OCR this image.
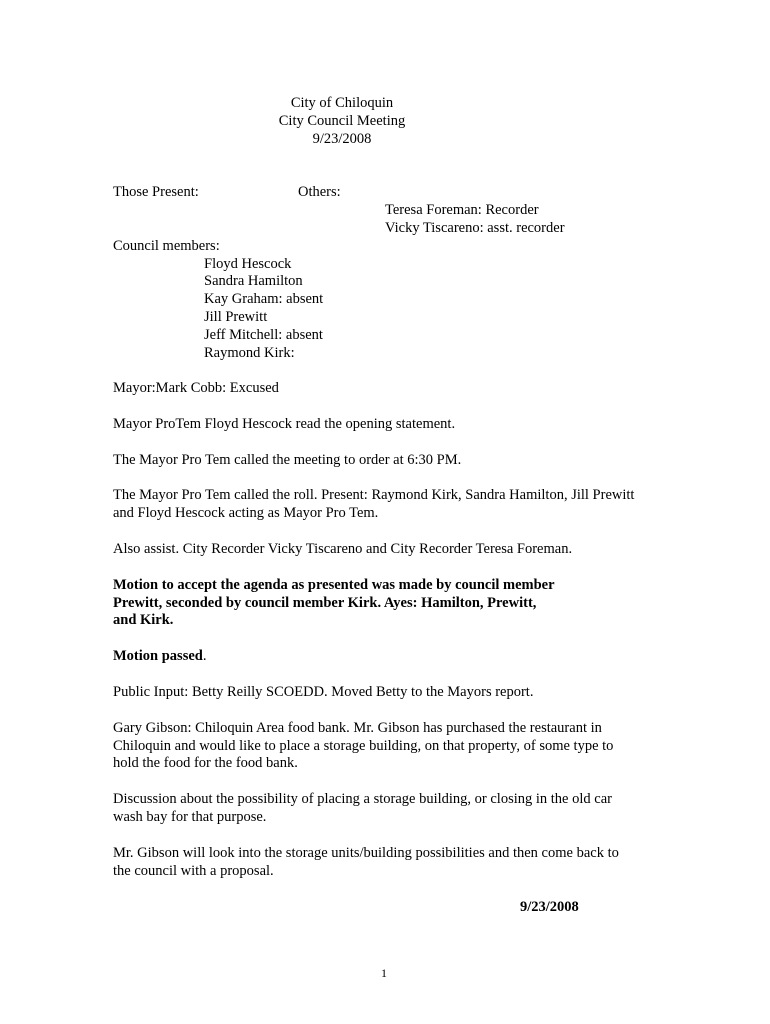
City of Chiloquin
City Council Meeting
9/23/2008
Those Present:	Others:
Teresa Foreman: Recorder
Vicky Tiscareno: asst. recorder
Council members:
Floyd Hescock
Sandra Hamilton
Kay Graham: absent
Jill Prewitt
Jeff Mitchell: absent
Raymond Kirk:
Mayor:Mark Cobb: Excused
Mayor ProTem Floyd Hescock read the opening statement.
The Mayor Pro Tem called the meeting to order at 6:30 PM.
The Mayor Pro Tem called the roll. Present: Raymond Kirk, Sandra Hamilton, Jill Prewitt
and Floyd Hescock acting as Mayor Pro Tem.
Also assist. City Recorder Vicky Tiscareno and City Recorder Teresa Foreman.
Motion to accept the agenda as presented was made by council member
Prewitt, seconded by council member Kirk. Ayes: Hamilton, Prewitt,
and Kirk.
Motion passed.
Public Input: Betty Reilly SCOEDD. Moved Betty to the Mayors report.
Gary Gibson: Chiloquin Area food bank. Mr. Gibson has purchased the restaurant in
Chiloquin and would like to place a storage building, on that property, of some type to
hold the food for the food bank.
Discussion about the possibility of placing a storage building, or closing in the old car
wash bay for that purpose.
Mr. Gibson will look into the storage units/building possibilities and then come back to
the council with a proposal.
9/23/2008
1
